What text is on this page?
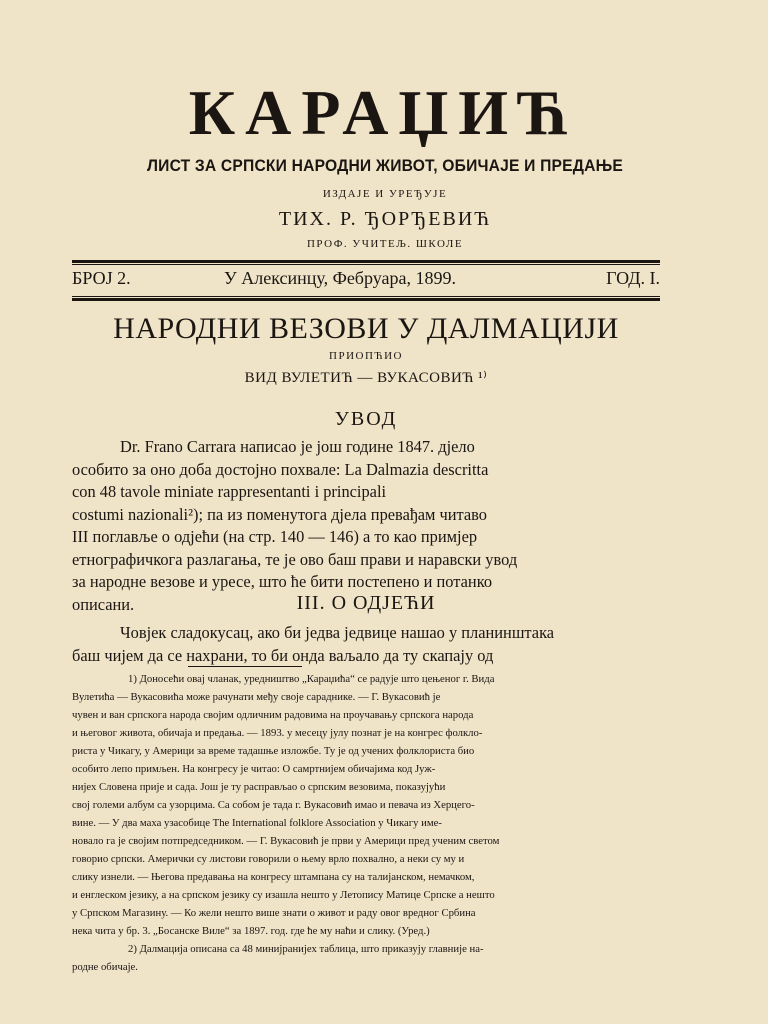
КАРАЏИЋ
ЛИСТ ЗА СРПСКИ НАРОДНИ ЖИВОТ, ОБИЧАЈЕ И ПРЕДАЊЕ
ИЗДАЈЕ И УРЕЂУЈЕ
ТИХ. Р. ЂОРЂЕВИЋ
ПРОФ. УЧИТЕЉ. ШКОЛЕ
БРОЈ 2.	У Алексинцу, Фебруара, 1899.	ГОД. I.
НАРОДНИ ВЕЗОВИ У ДАЛМАЦИЈИ
ПРИОПЋИО
ВИД ВУЛЕТИЋ — ВУКАСОВИЋ ¹⁾
УВОД
Dr. Frano Carrara написао је још године 1847. дјело
особито за оно доба достојно похвале: La Dalmazia descritta
con 48 tavole miniate rappresentanti i principali
costumi nazionali²); па из поменутога дјела превађам читаво
III поглавље о одјећи (на стр. 140 — 146) а то као примјер
етнографичкога разлагања, те је ово баш прави и наравски увод
за народне везове и уресе, што ће бити постепено и потанко
описани.	III. О ОДЈЕЋИ
Човјек сладокусац, ако би једва једвице нашао у планинштака
баш чијем да се нахрани, то би онда ваљало да ту скапају од
1) Доносећи овај чланак, уредништво „Караџића“ се радује што цењеног г. Вида
Вулетића — Вукасовића може рачунати међу своје сараднике. — Г. Вукасовић је
чувен и ван српскога народа својим одличним радовима на проучавању српскога народа
и његовог живота, обичаја и предања. — 1893. у месецу јулу познат је на конгрес фолклo-
риста у Чикагу, у Америци за време тадашње изложбе. Ту је од учених фолклориста био
особито лепо примљен. На конгресу је читао: О самртнијем обичајима код Јуж-
нијех Словена прије и сада. Још је ту расправљао о српским везовима, показујући
свој големи албум са узорцима. Са собом је тада г. Вукасовић имао и певача из Херцего-
вине. — У два маха узасобице The International folklore Association у Чикагу име-
новало га је својим потпредседником. — Г. Вукасовић је први у Америци пред ученим светом
говорио српски. Амерички су листови говорили о њему врло похвално, а неки су му и
слику изнели. — Његова предавања на конгресу штампана су на талијанском, немачком,
и енглеском језику, а на српском језику су изашла нешто у Летопису Матице Српске а нешто
у Српском Магазину. — Ко жели нешто више знати о живот и раду овог вредног Србина
нека чита у бр. 3. „Босанске Виле“ за 1897. год. где ће му наћи и слику. (Уред.)
2) Далмација описана са 48 минијранијех таблица, што приказују главније на-
родне обичаје.
